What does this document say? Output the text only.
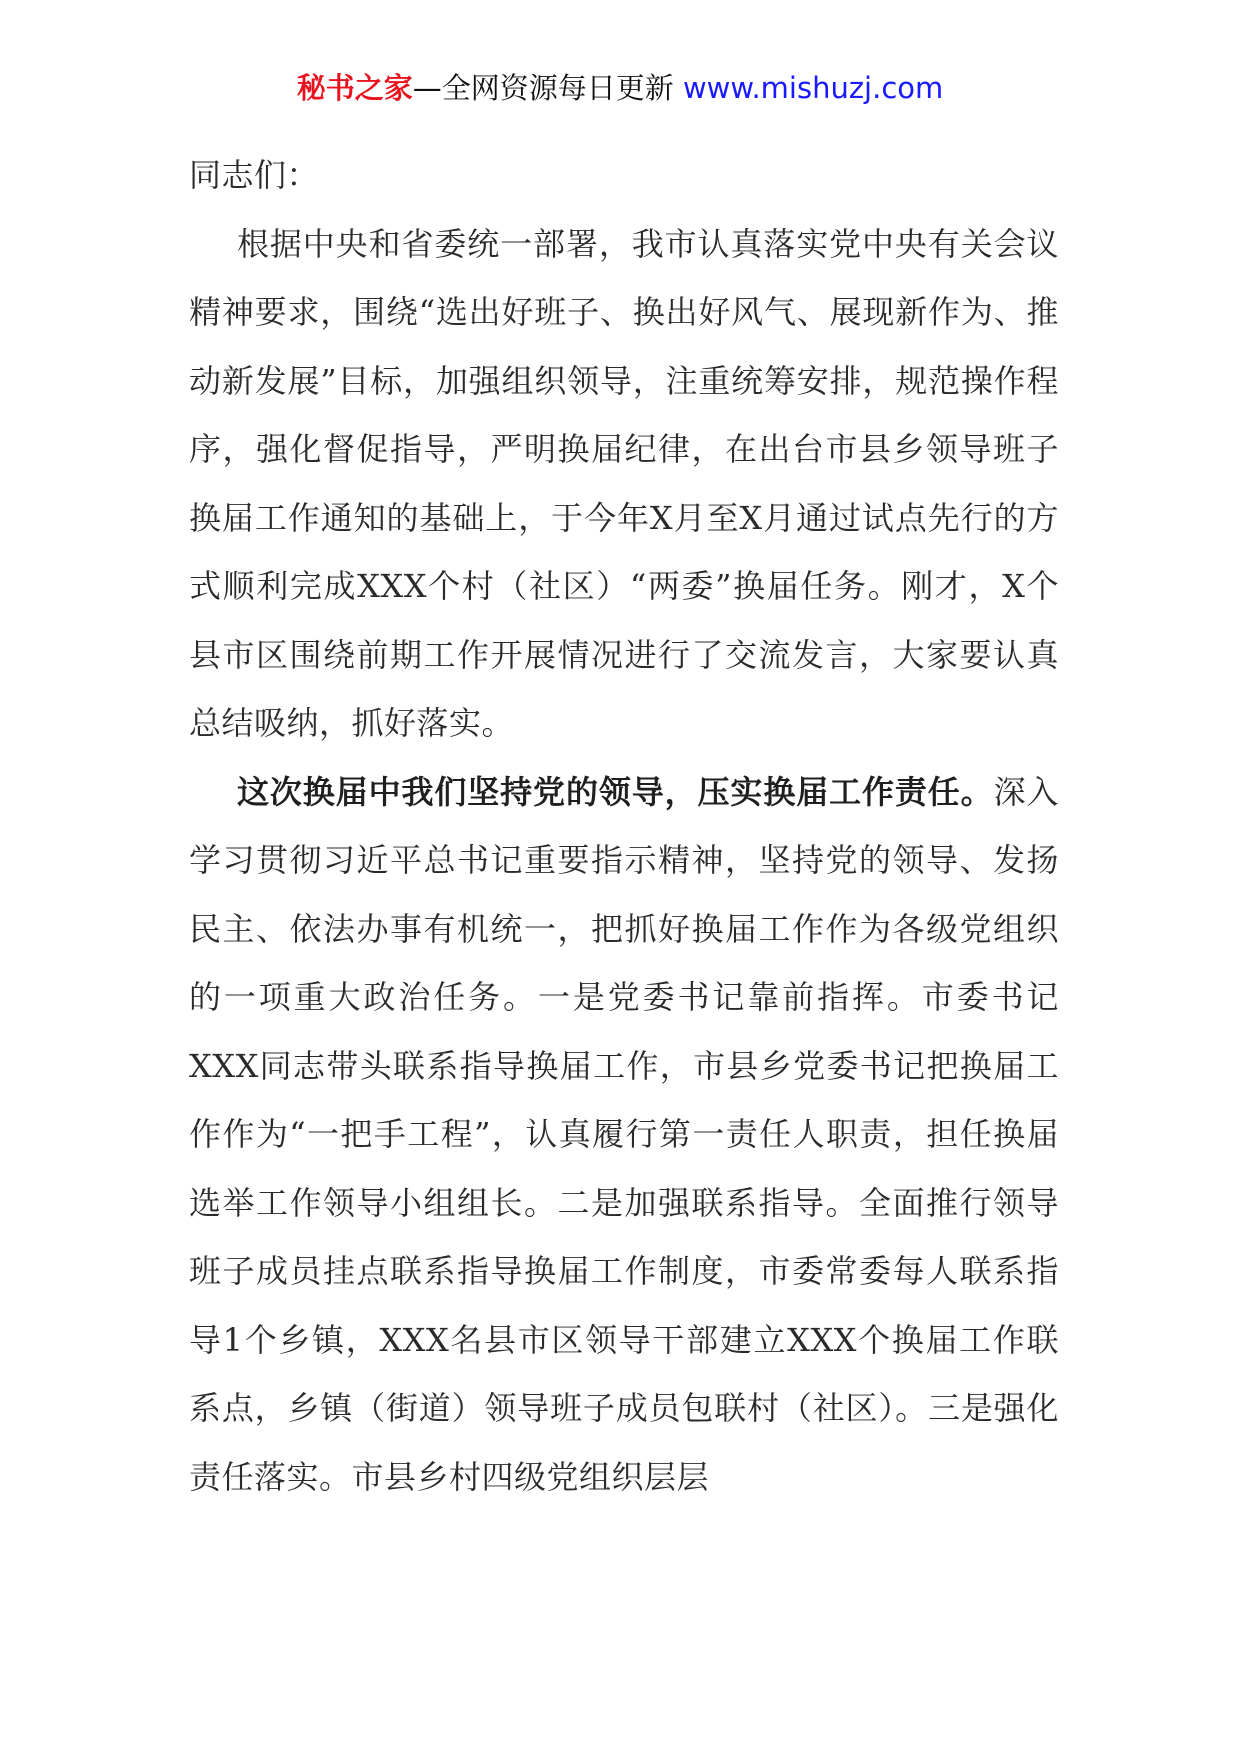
秘书之家—全网资源每日更新 www.mishuzj.com

同志们：

根据中央和省委统一部署，我市认真落实党中央有关会议精神要求，围绕“选出好班子、换出好风气、展现新作为、推动新发展”目标，加强组织领导，注重统筹安排，规范操作程序，强化督促指导，严明换届纪律，在出台市县乡领导班子换届工作通知的基础上，于今年X月至X月通过试点先行的方式顺利完成XXX个村（社区）“两委”换届任务。刚才，X个县市区围绕前期工作开展情况进行了交流发言，大家要认真总结吸纳，抓好落实。

这次换届中我们坚持党的领导，压实换届工作责任。深入学习贯彻习近平总书记重要指示精神，坚持党的领导、发扬民主、依法办事有机统一，把抓好换届工作作为各级党组织的一项重大政治任务。一是党委书记靠前指挥。市委书记XXX同志带头联系指导换届工作，市县乡党委书记把换届工作作为“一把手工程”，认真履行第一责任人职责，担任换届选举工作领导小组组长。二是加强联系指导。全面推行领导班子成员挂点联系指导换届工作制度，市委常委每人联系指导1个乡镇，XXX名县市区领导干部建立XXX个换届工作联系点，乡镇（街道）领导班子成员包联村（社区）。三是强化责任落实。市县乡村四级党组织层层
